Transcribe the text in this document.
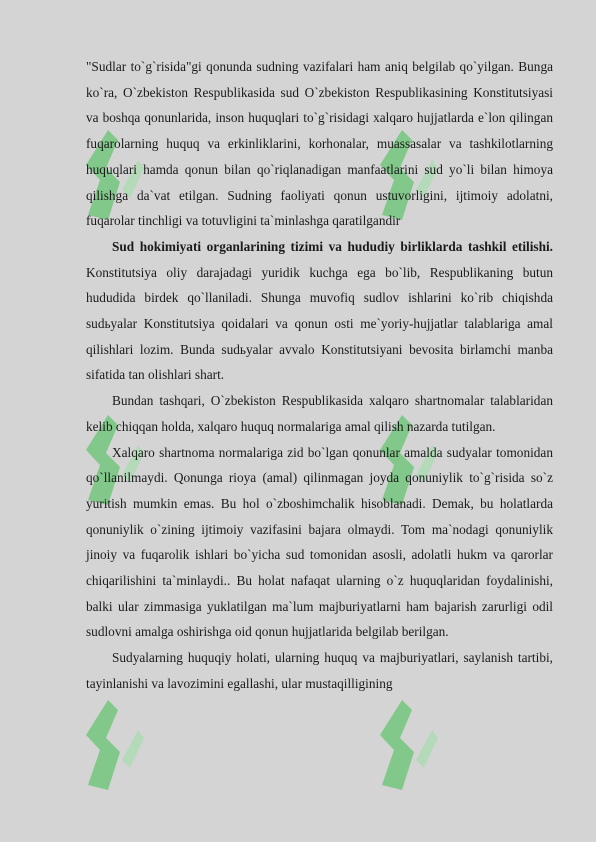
"Sudlar to`g`risida"gi qonunda sudning vazifalari ham aniq belgilab qo`yilgan. Bunga ko`ra, O`zbekiston Respublikasida sud O`zbekiston Respublikasining Konstitutsiyasi va boshqa qonunlarida, inson huquqlari to`g`risidagi xalqaro hujjatlarda e`lon qilingan fuqarolarning huquq va erkinliklarini, korhonalar, muassasalar va tashkilotlarning huquqlari hamda qonun bilan qo`riqlanadigan manfaatlarini sud yo`li bilan himoya qilishga da`vat etilgan. Sudning faoliyati qonun ustuvorligini, ijtimoiy adolatni, fuqarolar tinchligi va totuvligini ta`minlashga qaratilgandir

Sud hokimiyati organlarining tizimi va hududiy birliklarda tashkil etilishi. Konstitutsiya oliy darajadagi yuridik kuchga ega bo`lib, Respublikaning butun hududida birdek qo`llaniladi. Shunga muvofiq sudlov ishlarini ko`rib chiqishda sudьyalar Konstitutsiya qoidalari va qonun osti me`yoriy-hujjatlar talablariga amal qilishlari lozim. Bunda sudьyalar avvalo Konstitutsiyani bevosita birlamchi manba sifatida tan olishlari shart.

Bundan tashqari, O`zbekiston Respublikasida xalqaro shartnomalar talablaridan kelib chiqqan holda, xalqaro huquq normalariga amal qilish nazarda tutilgan.

Xalqaro shartnoma normalariga zid bo`lgan qonunlar amalda sudyalar tomonidan qo`llanilmaydi. Qonunga rioya (amal) qilinmagan joyda qonuniylik to`g`risida so`z yuritish mumkin emas. Bu hol o`zboshimchalik hisoblanadi. Demak, bu holatlarda qonuniylik o`zining ijtimoiy vazifasini bajara olmaydi. Tom ma`nodagi qonuniylik jinoiy va fuqarolik ishlari bo`yicha sud tomonidan asosli, adolatli hukm va qarorlar chiqarilishini ta`minlaydi.. Bu holat nafaqat ularning o`z huquqlaridan foydalinishi, balki ular zimmasiga yuklatilgan ma`lum majburiyatlarni ham bajarish zarurligi odil sudlovni amalga oshirishga oid qonun hujjatlarida belgilab berilgan.

Sudyalarning huquqiy holati, ularning huquq va majburiyatlari, saylanish tartibi, tayinlanishi va lavozimini egallashi, ular mustaqilligining
